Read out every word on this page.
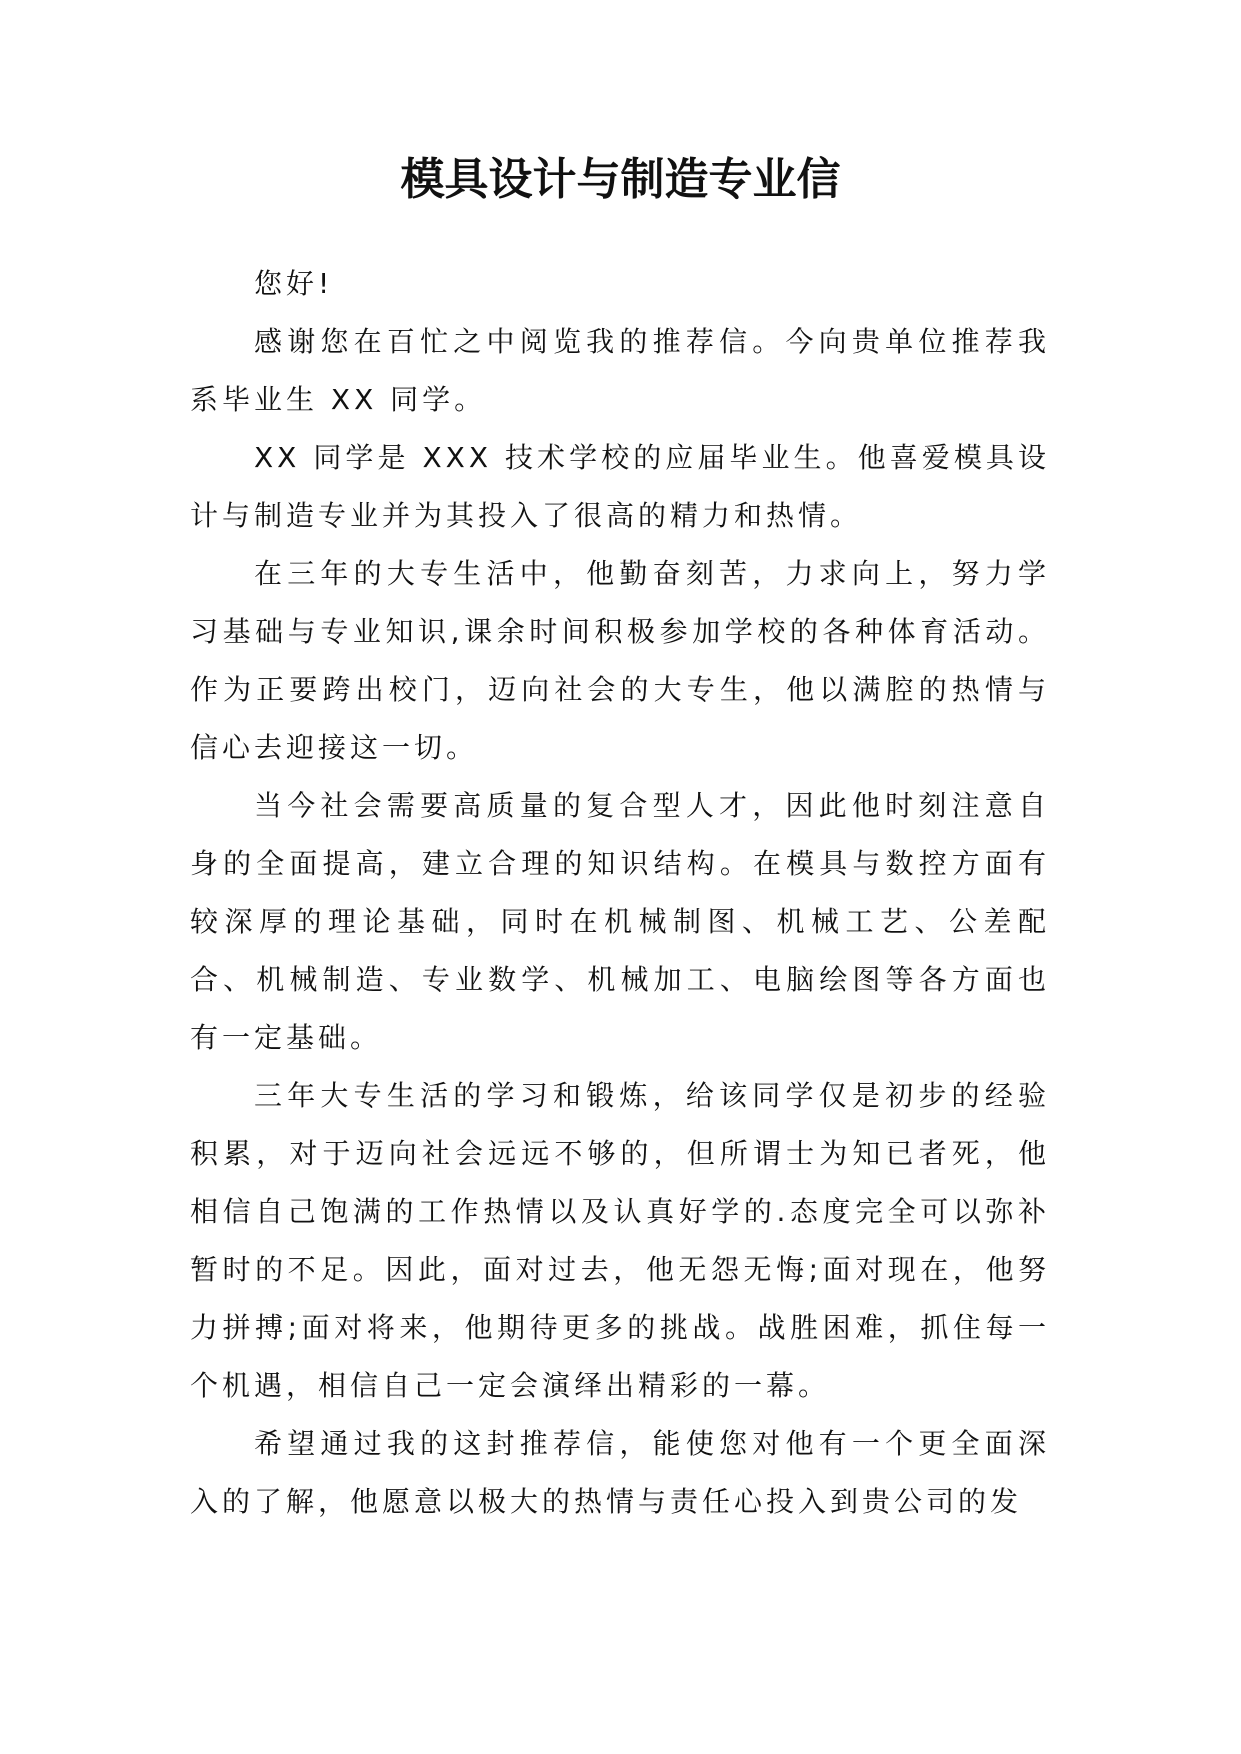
模具设计与制造专业信

您好!

感谢您在百忙之中阅览我的推荐信。今向贵单位推荐我系毕业生 XX 同学。

XX 同学是 XXX 技术学校的应届毕业生。他喜爱模具设计与制造专业并为其投入了很高的精力和热情。

在三年的大专生活中，他勤奋刻苦，力求向上，努力学习基础与专业知识,课余时间积极参加学校的各种体育活动。作为正要跨出校门，迈向社会的大专生，他以满腔的热情与信心去迎接这一切。

当今社会需要高质量的复合型人才，因此他时刻注意自身的全面提高，建立合理的知识结构。在模具与数控方面有较深厚的理论基础，同时在机械制图、机械工艺、公差配合、机械制造、专业数学、机械加工、电脑绘图等各方面也有一定基础。

三年大专生活的学习和锻炼，给该同学仅是初步的经验积累，对于迈向社会远远不够的，但所谓士为知已者死，他相信自己饱满的工作热情以及认真好学的.态度完全可以弥补暂时的不足。因此，面对过去，他无怨无悔;面对现在，他努力拼搏;面对将来，他期待更多的挑战。战胜困难，抓住每一个机遇，相信自己一定会演绎出精彩的一幕。

希望通过我的这封推荐信，能使您对他有一个更全面深入的了解，他愿意以极大的热情与责任心投入到贵公司的发
